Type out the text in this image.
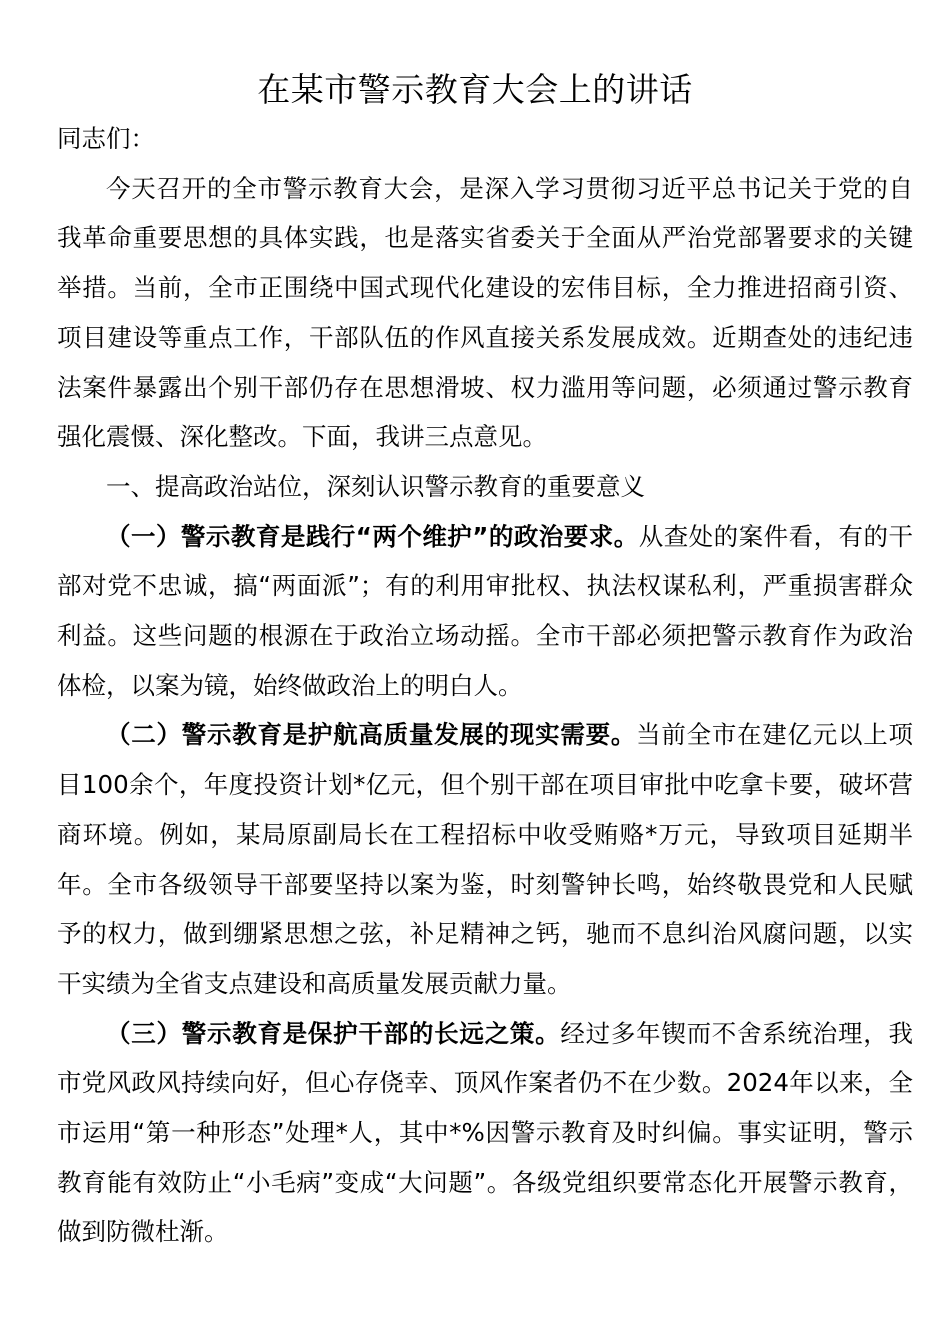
在某市警示教育大会上的讲话

同志们：

今天召开的全市警示教育大会，是深入学习贯彻习近平总书记关于党的自我革命重要思想的具体实践，也是落实省委关于全面从严治党部署要求的关键举措。当前，全市正围绕中国式现代化建设的宏伟目标，全力推进招商引资、项目建设等重点工作，干部队伍的作风直接关系发展成效。近期查处的违纪违法案件暴露出个别干部仍存在思想滑坡、权力滥用等问题，必须通过警示教育强化震慑、深化整改。下面，我讲三点意见。

一、提高政治站位，深刻认识警示教育的重要意义

（一）警示教育是践行“两个维护”的政治要求。从查处的案件看，有的干部对党不忠诚，搞“两面派”；有的利用审批权、执法权谋私利，严重损害群众利益。这些问题的根源在于政治立场动摇。全市干部必须把警示教育作为政治体检，以案为镜，始终做政治上的明白人。

（二）警示教育是护航高质量发展的现实需要。当前全市在建亿元以上项目100余个，年度投资计划*亿元，但个别干部在项目审批中吃拿卡要，破坏营商环境。例如，某局原副局长在工程招标中收受贿赂*万元，导致项目延期半年。全市各级领导干部要坚持以案为鉴，时刻警钟长鸣，始终敬畏党和人民赋予的权力，做到绷紧思想之弦，补足精神之钙，驰而不息纠治风腐问题，以实干实绩为全省支点建设和高质量发展贡献力量。

（三）警示教育是保护干部的长远之策。经过多年锲而不舍系统治理，我市党风政风持续向好，但心存侥幸、顶风作案者仍不在少数。2024年以来，全市运用“第一种形态”处理*人，其中*%因警示教育及时纠偏。事实证明，警示教育能有效防止“小毛病”变成“大问题”。各级党组织要常态化开展警示教育，做到防微杜渐。
